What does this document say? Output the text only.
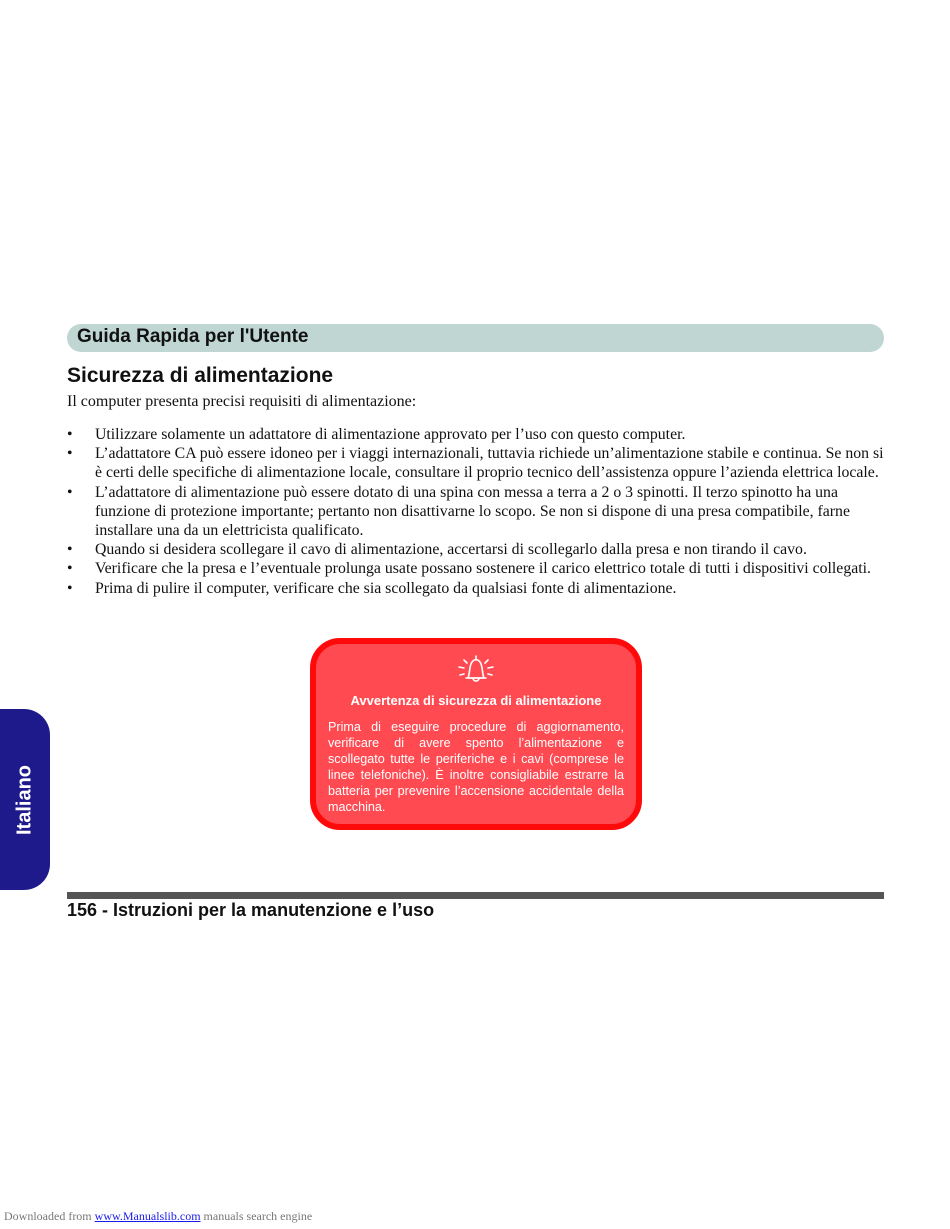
Guida Rapida per l'Utente
Sicurezza di alimentazione

Il computer presenta precisi requisiti di alimentazione:

• Utilizzare solamente un adattatore di alimentazione approvato per l’uso con questo computer.
• L’adattatore CA può essere idoneo per i viaggi internazionali, tuttavia richiede un’alimentazione stabile e continua. Se non si è certi delle specifiche di alimentazione locale, consultare il proprio tecnico dell’assistenza oppure l’azienda elettrica locale.
• L’adattatore di alimentazione può essere dotato di una spina con messa a terra a 2 o 3 spinotti. Il terzo spinotto ha una funzione di protezione importante; pertanto non disattivarne lo scopo. Se non si dispone di una presa compatibile, farne installare una da un elettricista qualificato.
• Quando si desidera scollegare il cavo di alimentazione, accertarsi di scollegarlo dalla presa e non tirando il cavo.
• Verificare che la presa e l’eventuale prolunga usate possano sostenere il carico elettrico totale di tutti i dispositivi collegati.
• Prima di pulire il computer, verificare che sia scollegato da qualsiasi fonte di alimentazione.
Avvertenza di sicurezza di alimentazione

Prima di eseguire procedure di aggiornamento, verificare di avere spento l’alimentazione e scollegato tutte le periferiche e i cavi (comprese le linee telefoniche). È inoltre consigliabile estrarre la batteria per prevenire l’accensione accidentale della macchina.

Italiano
156 - Istruzioni per la manutenzione e l’uso
Downloaded from www.Manualslib.com manuals search engine
